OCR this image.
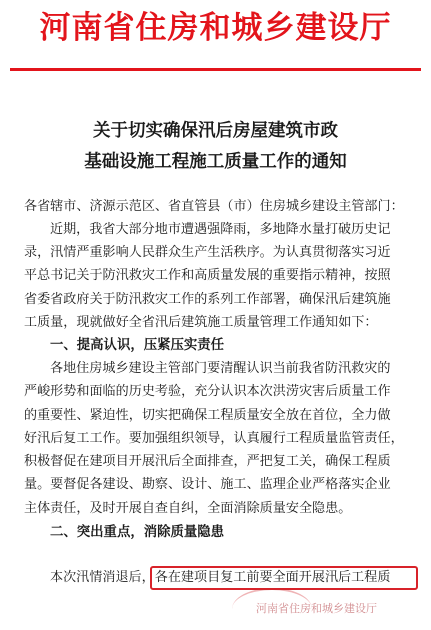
河南省住房和城乡建设厅
关于切实确保汛后房屋建筑市政
基础设施工程施工质量工作的通知
各省辖市、济源示范区、省直管县（市）住房城乡建设主管部门：
近期，我省大部分地市遭遇强降雨，多地降水量打破历史记
录，汛情严重影响人民群众生产生活秩序。为认真贯彻落实习近
平总书记关于防汛救灾工作和高质量发展的重要指示精神，按照
省委省政府关于防汛救灾工作的系列工作部署，确保汛后建筑施
工质量，现就做好全省汛后建筑施工质量管理工作通知如下：
一、提高认识，压紧压实责任
各地住房城乡建设主管部门要清醒认识当前我省防汛救灾的
严峻形势和面临的历史考验，充分认识本次洪涝灾害后质量工作
的重要性、紧迫性，切实把确保工程质量安全放在首位，全力做
好汛后复工工作。要加强组织领导，认真履行工程质量监管责任，
积极督促在建项目开展汛后全面排查，严把复工关，确保工程质
量。要督促各建设、勘察、设计、施工、监理企业严格落实企业
主体责任，及时开展自查自纠，全面消除质量安全隐患。
二、突出重点，消除质量隐患
本次汛情消退后，各在建项目复工前要全面开展汛后工程质
河南省住房和城乡建设厅
